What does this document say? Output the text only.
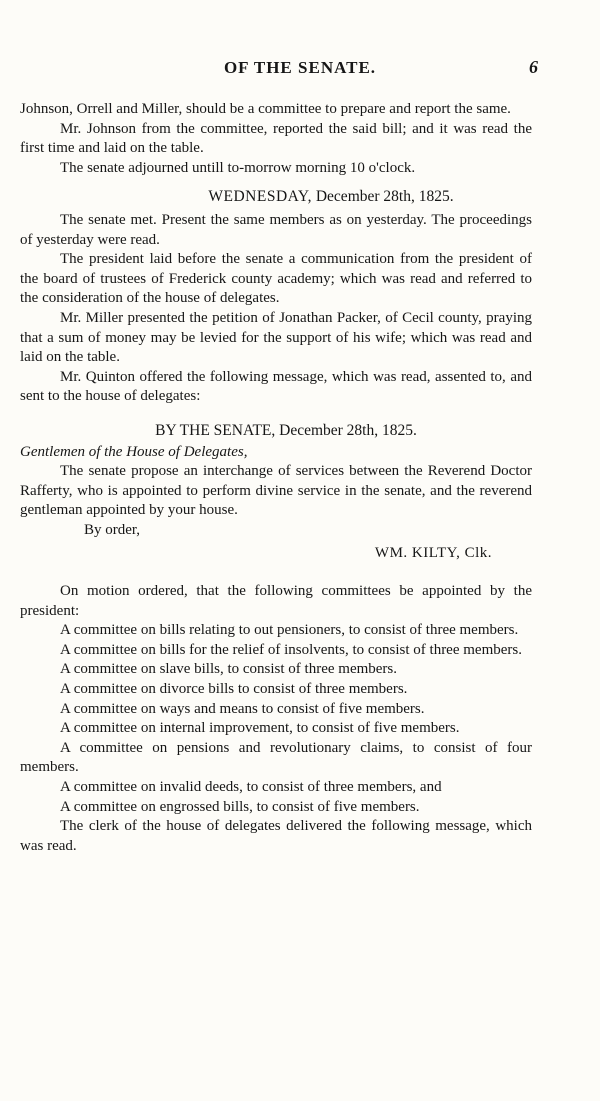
OF THE SENATE.	6

Johnson, Orrell and Miller, should be a committee to prepare and report the same.

Mr. Johnson from the committee, reported the said bill; and it was read the first time and laid on the table.

The senate adjourned untill to-morrow morning 10 o'clock.

WEDNESDAY, December 28th, 1825.

The senate met. Present the same members as on yesterday. The proceedings of yesterday were read.

The president laid before the senate a communication from the president of the board of trustees of Frederick county academy; which was read and referred to the consideration of the house of delegates.

Mr. Miller presented the petition of Jonathan Packer, of Cecil county, praying that a sum of money may be levied for the support of his wife; which was read and laid on the table.

Mr. Quinton offered the following message, which was read, assented to, and sent to the house of delegates:

BY THE SENATE, December 28th, 1825.

Gentlemen of the House of Delegates,

The senate propose an interchange of services between the Reverend Doctor Rafferty, who is appointed to perform divine service in the senate, and the reverend gentleman appointed by your house.

By order,

WM. KILTY, Clk.

On motion ordered, that the following committees be appointed by the president:

A committee on bills relating to out pensioners, to consist of three members.

A committee on bills for the relief of insolvents, to consist of three members.

A committee on slave bills, to consist of three members.

A committee on divorce bills to consist of three members.

A committee on ways and means to consist of five members.

A committee on internal improvement, to consist of five members.

A committee on pensions and revolutionary claims, to consist of four members.

A committee on invalid deeds, to consist of three members, and

A committee on engrossed bills, to consist of five members.

The clerk of the house of delegates delivered the following message, which was read.
